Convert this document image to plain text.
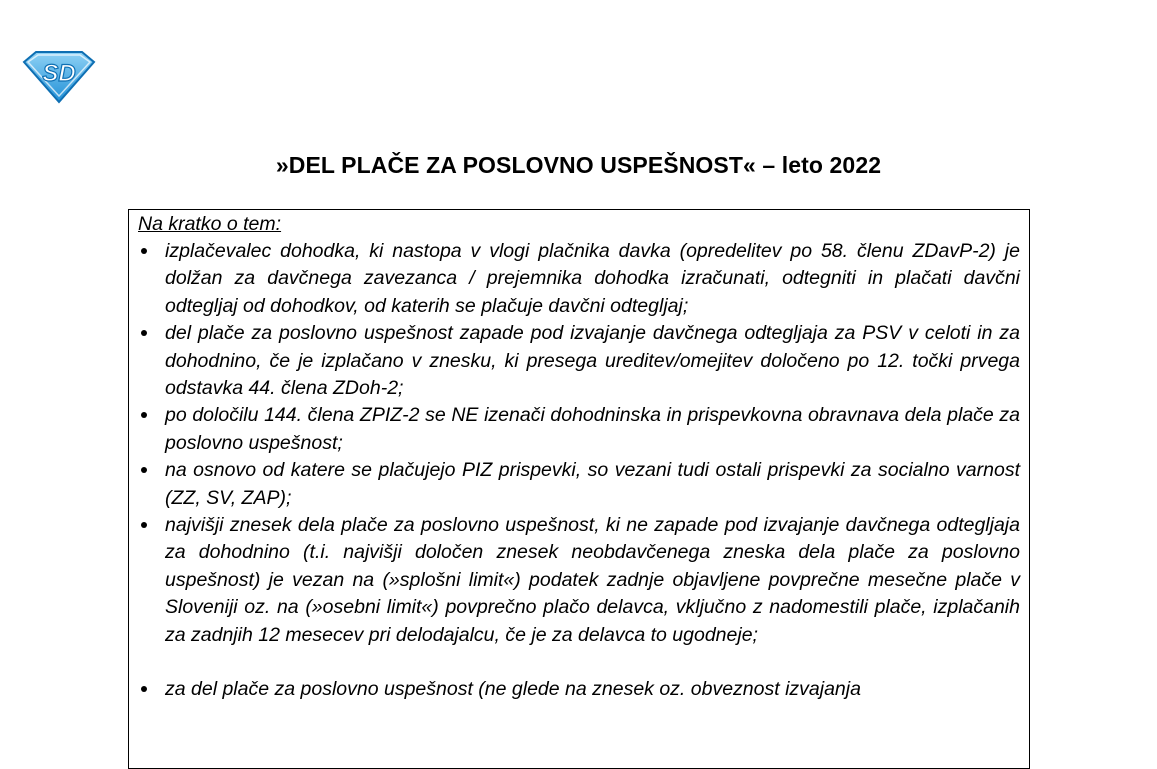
SD
»DEL PLAČE ZA POSLOVNO USPEŠNOST« – leto 2022
Na kratko o tem:
izplačevalec dohodka, ki nastopa v vlogi plačnika davka (opredelitev po 58. členu ZDavP-2) je dolžan za davčnega zavezanca / prejemnika dohodka izračunati, odtegniti in plačati davčni odtegljaj od dohodkov, od katerih se plačuje davčni odtegljaj;
del plače za poslovno uspešnost zapade pod izvajanje davčnega odtegljaja za PSV v celoti in za dohodnino, če je izplačano v znesku, ki presega ureditev/omejitev določeno po 12. točki prvega odstavka 44. člena ZDoh-2;
po določilu 144. člena ZPIZ-2 se NE izenači dohodninska in prispevkovna obravnava dela plače za poslovno uspešnost;
na osnovo od katere se plačujejo PIZ prispevki, so vezani tudi ostali prispevki za socialno varnost (ZZ, SV, ZAP);
najvišji znesek dela plače za poslovno uspešnost, ki ne zapade pod izvajanje davčnega odtegljaja za dohodnino (t.i. najvišji določen znesek neobdavčenega zneska dela plače za poslovno uspešnost) je vezan na (»splošni limit«) podatek zadnje objavljene povprečne mesečne plače v Sloveniji oz. na (»osebni limit«) povprečno plačo delavca, vključno z nadomestili plače, izplačanih za zadnjih 12 mesecev pri delodajalcu, če je za delavca to ugodneje;
za del plače za poslovno uspešnost (ne glede na znesek oz. obveznost izvajanja
